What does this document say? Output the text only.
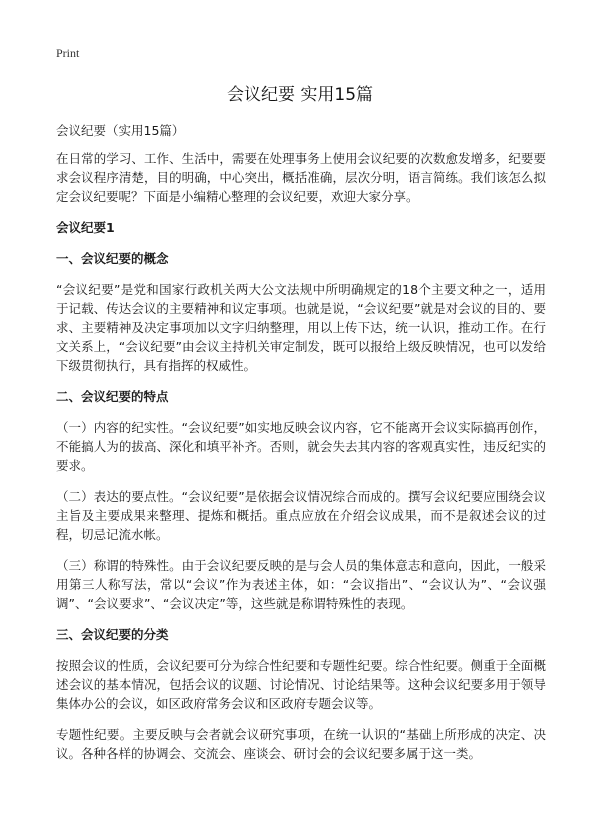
Print
会议纪要 实用15篇

会议纪要（实用15篇）

在日常的学习、工作、生活中，需要在处理事务上使用会议纪要的次数愈发增多，纪要要求会议程序清楚，目的明确，中心突出，概括准确，层次分明，语言简练。我们该怎么拟定会议纪要呢？下面是小编精心整理的会议纪要，欢迎大家分享。

会议纪要1
一、会议纪要的概念

“会议纪要”是党和国家行政机关两大公文法规中所明确规定的18个主要文种之一，适用于记载、传达会议的主要精神和议定事项。也就是说，“会议纪要”就是对会议的目的、要求、主要精神及决定事项加以文字归纳整理，用以上传下达，统一认识，推动工作。在行文关系上，“会议纪要”由会议主持机关审定制发，既可以报给上级反映情况，也可以发给下级贯彻执行，具有指挥的权威性。

二、会议纪要的特点

（一）内容的纪实性。“会议纪要”如实地反映会议内容，它不能离开会议实际搞再创作，不能搞人为的拔高、深化和填平补齐。否则，就会失去其内容的客观真实性，违反纪实的要求。

（二）表达的要点性。“会议纪要”是依据会议情况综合而成的。撰写会议纪要应围绕会议主旨及主要成果来整理、提炼和概括。重点应放在介绍会议成果，而不是叙述会议的过程，切忌记流水帐。

（三）称谓的特殊性。由于会议纪要反映的是与会人员的集体意志和意向，因此，一般采用第三人称写法，常以“会议”作为表述主体，如：“会议指出”、“会议认为”、“会议强调”、“会议要求”、“会议决定”等，这些就是称谓特殊性的表现。

三、会议纪要的分类

按照会议的性质，会议纪要可分为综合性纪要和专题性纪要。综合性纪要。侧重于全面概述会议的基本情况，包括会议的议题、讨论情况、讨论结果等。这种会议纪要多用于领导集体办公的会议，如区政府常务会议和区政府专题会议等。

专题性纪要。主要反映与会者就会议研究事项，在统一认识的“基础上所形成的决定、决议。各种各样的协调会、交流会、座谈会、研讨会的会议纪要多属于这一类。
